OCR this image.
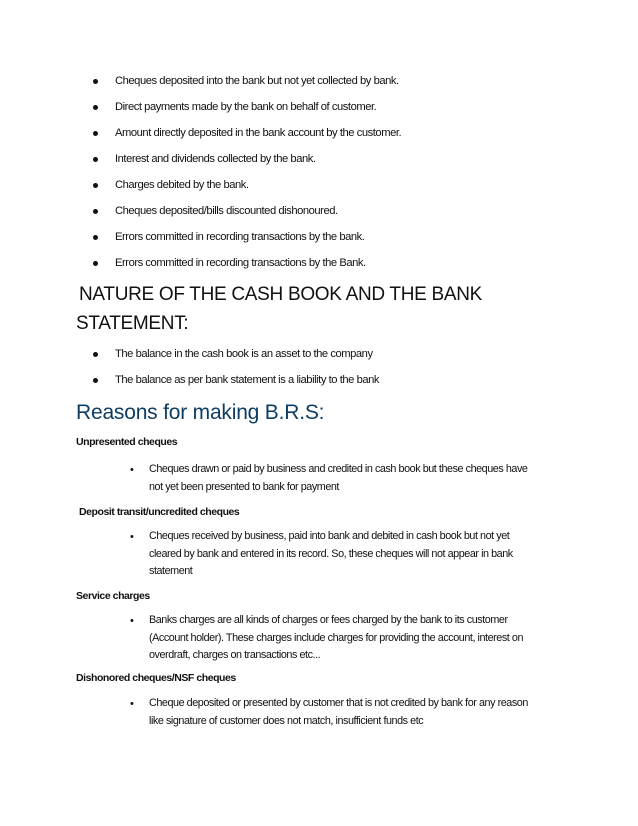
Cheques deposited into the bank but not yet collected by bank.
Direct payments made by the bank on behalf of customer.
Amount directly deposited in the bank account by the customer.
Interest and dividends collected by the bank.
Charges debited by the bank.
Cheques deposited/bills discounted dishonoured.
Errors committed in recording transactions by the bank.
Errors committed in recording transactions by the Bank.
NATURE OF THE CASH BOOK AND THE BANK
STATEMENT:
The balance in the cash book is an asset to the company
The balance as per bank statement is a liability to the bank
Reasons for making B.R.S:
Unpresented cheques
• Cheques drawn or paid by business and credited in cash book but these cheques have
not yet been presented to bank for payment
Deposit transit/uncredited cheques
• Cheques received by business, paid into bank and debited in cash book but not yet
cleared by bank and entered in its record. So, these cheques will not appear in bank
statement
Service charges
• Banks charges are all kinds of charges or fees charged by the bank to its customer
(Account holder). These charges include charges for providing the account, interest on
overdraft, charges on transactions etc...
Dishonored cheques/NSF cheques
• Cheque deposited or presented by customer that is not credited by bank for any reason
like signature of customer does not match, insufficient funds etc
